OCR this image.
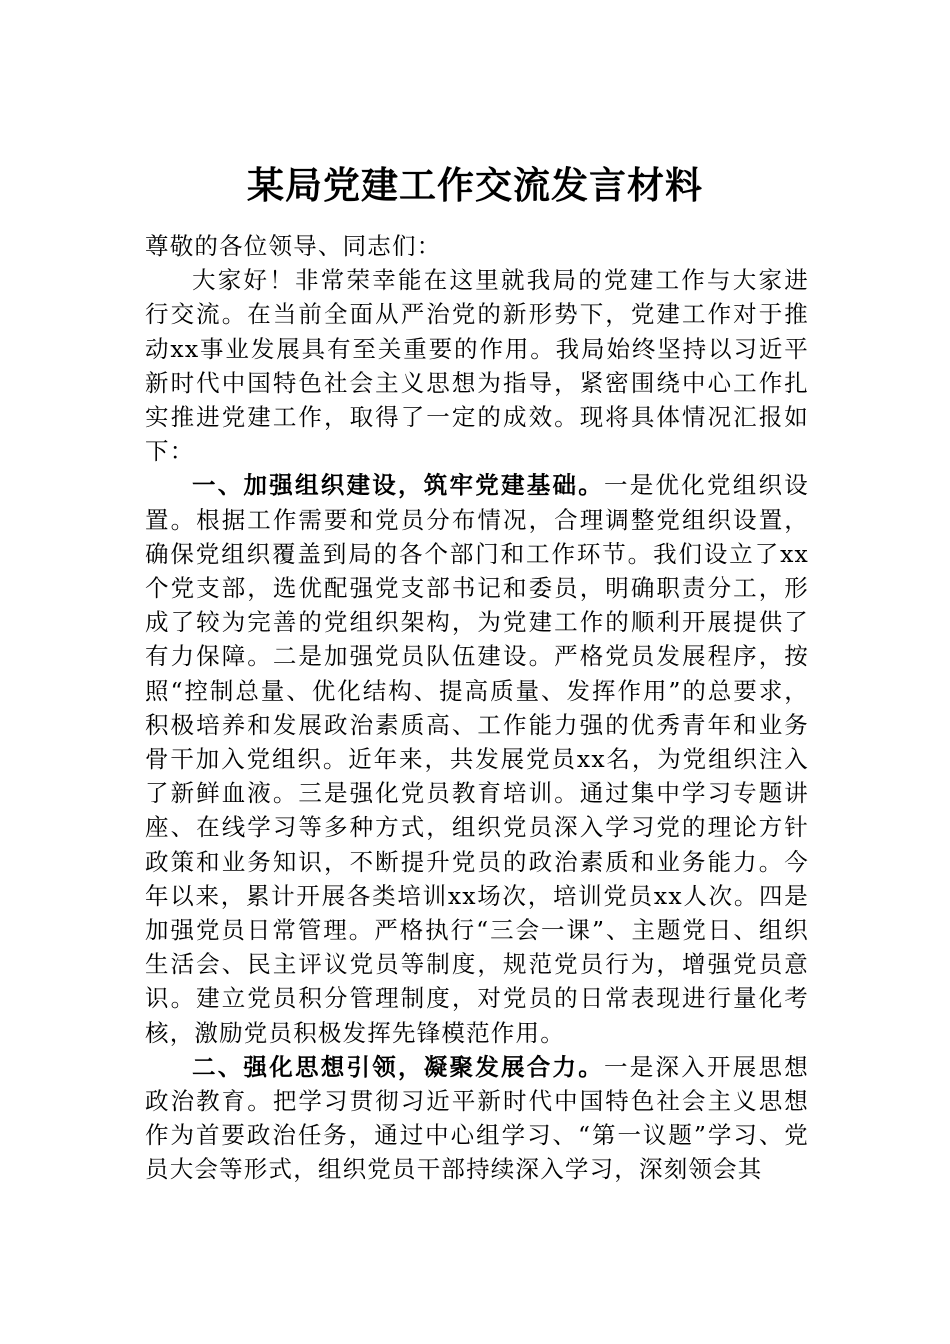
某局党建工作交流发言材料

尊敬的各位领导、同志们：

大家好！非常荣幸能在这里就我局的党建工作与大家进行交流。在当前全面从严治党的新形势下，党建工作对于推动xx事业发展具有至关重要的作用。我局始终坚持以习近平新时代中国特色社会主义思想为指导，紧密围绕中心工作扎实推进党建工作，取得了一定的成效。现将具体情况汇报如下：

一、加强组织建设，筑牢党建基础。一是优化党组织设置。根据工作需要和党员分布情况，合理调整党组织设置，确保党组织覆盖到局的各个部门和工作环节。我们设立了xx个党支部，选优配强党支部书记和委员，明确职责分工，形成了较为完善的党组织架构，为党建工作的顺利开展提供了有力保障。二是加强党员队伍建设。严格党员发展程序，按照“控制总量、优化结构、提高质量、发挥作用”的总要求，积极培养和发展政治素质高、工作能力强的优秀青年和业务骨干加入党组织。近年来，共发展党员xx名，为党组织注入了新鲜血液。三是强化党员教育培训。通过集中学习专题讲座、在线学习等多种方式，组织党员深入学习党的理论方针政策和业务知识，不断提升党员的政治素质和业务能力。今年以来，累计开展各类培训xx场次，培训党员xx人次。四是加强党员日常管理。严格执行“三会一课”、主题党日、组织生活会、民主评议党员等制度，规范党员行为，增强党员意识。建立党员积分管理制度，对党员的日常表现进行量化考核，激励党员积极发挥先锋模范作用。

二、强化思想引领，凝聚发展合力。一是深入开展思想政治教育。把学习贯彻习近平新时代中国特色社会主义思想作为首要政治任务，通过中心组学习、“第一议题”学习、党员大会等形式，组织党员干部持续深入学习，深刻领会其
